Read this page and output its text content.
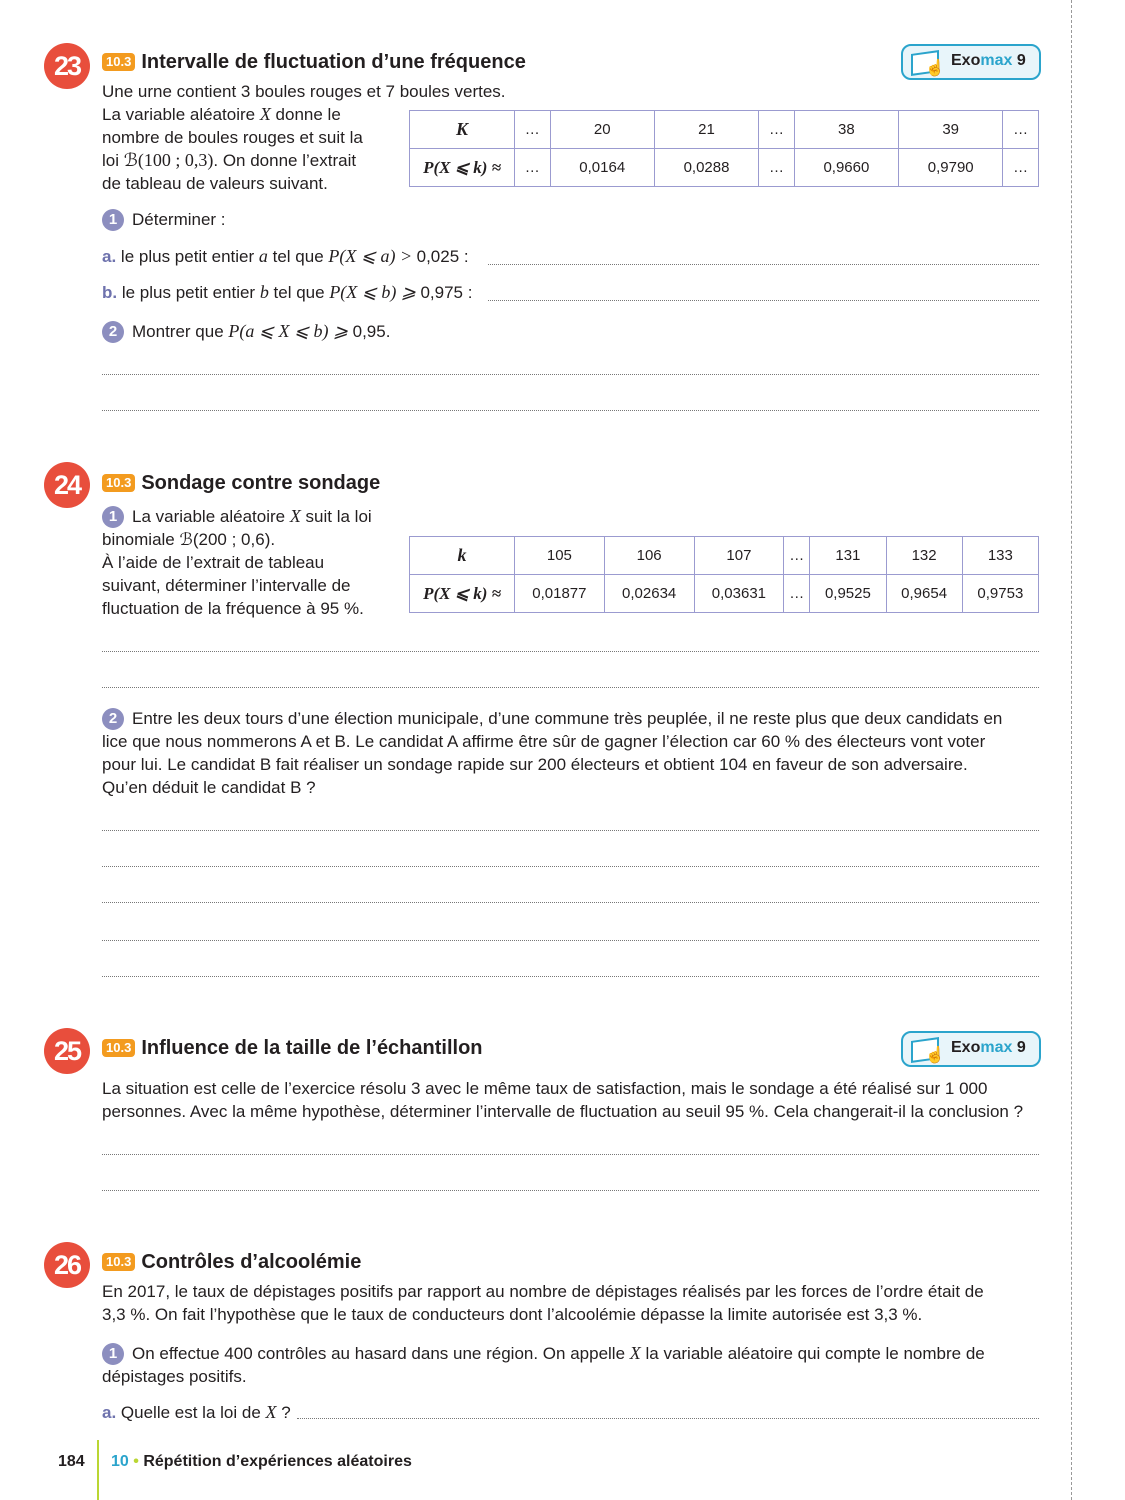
23	10.3 Intervalle de fluctuation d’une fréquence	☝ Exomax 9
Une urne contient 3 boules rouges et 7 boules vertes.
La variable aléatoire X donne le
nombre de boules rouges et suit la
loi ℬ(100 ; 0,3). On donne l’extrait
de tableau de valeurs suivant.
K	…	20	21	…	38	39	…
P(X ⩽ k) ≈	…	0,0164	0,0288	…	0,9660	0,9790	…
1 Déterminer :
a. le plus petit entier a tel que P(X ⩽ a) > 0,025 :
b. le plus petit entier b tel que P(X ⩽ b) ⩾ 0,975 :
2 Montrer que P(a ⩽ X ⩽ b) ⩾ 0,95.
24	10.3 Sondage contre sondage
1 La variable aléatoire X suit la loi
binomiale ℬ(200 ; 0,6).
À l’aide de l’extrait de tableau
suivant, déterminer l’intervalle de
fluctuation de la fréquence à 95 %.
k	105	106	107	…	131	132	133
P(X ⩽ k) ≈	0,01877	0,02634	0,03631	…	0,9525	0,9654	0,9753
2 Entre les deux tours d’une élection municipale, d’une commune très peuplée, il ne reste plus que deux candidats en
lice que nous nommerons A et B. Le candidat A affirme être sûr de gagner l’élection car 60 % des électeurs vont voter
pour lui. Le candidat B fait réaliser un sondage rapide sur 200 électeurs et obtient 104 en faveur de son adversaire.
Qu’en déduit le candidat B ?
25	10.3 Influence de la taille de l’échantillon	☝ Exomax 9
La situation est celle de l’exercice résolu 3 avec le même taux de satisfaction, mais le sondage a été réalisé sur 1 000
personnes. Avec la même hypothèse, déterminer l’intervalle de fluctuation au seuil 95 %. Cela changerait-il la conclusion ?
26	10.3 Contrôles d’alcoolémie
En 2017, le taux de dépistages positifs par rapport au nombre de dépistages réalisés par les forces de l’ordre était de
3,3 %. On fait l’hypothèse que le taux de conducteurs dont l’alcoolémie dépasse la limite autorisée est 3,3 %.
1 On effectue 400 contrôles au hasard dans une région. On appelle X la variable aléatoire qui compte le nombre de
dépistages positifs.
a. Quelle est la loi de X ?
184 10 • Répétition d’expériences aléatoires
